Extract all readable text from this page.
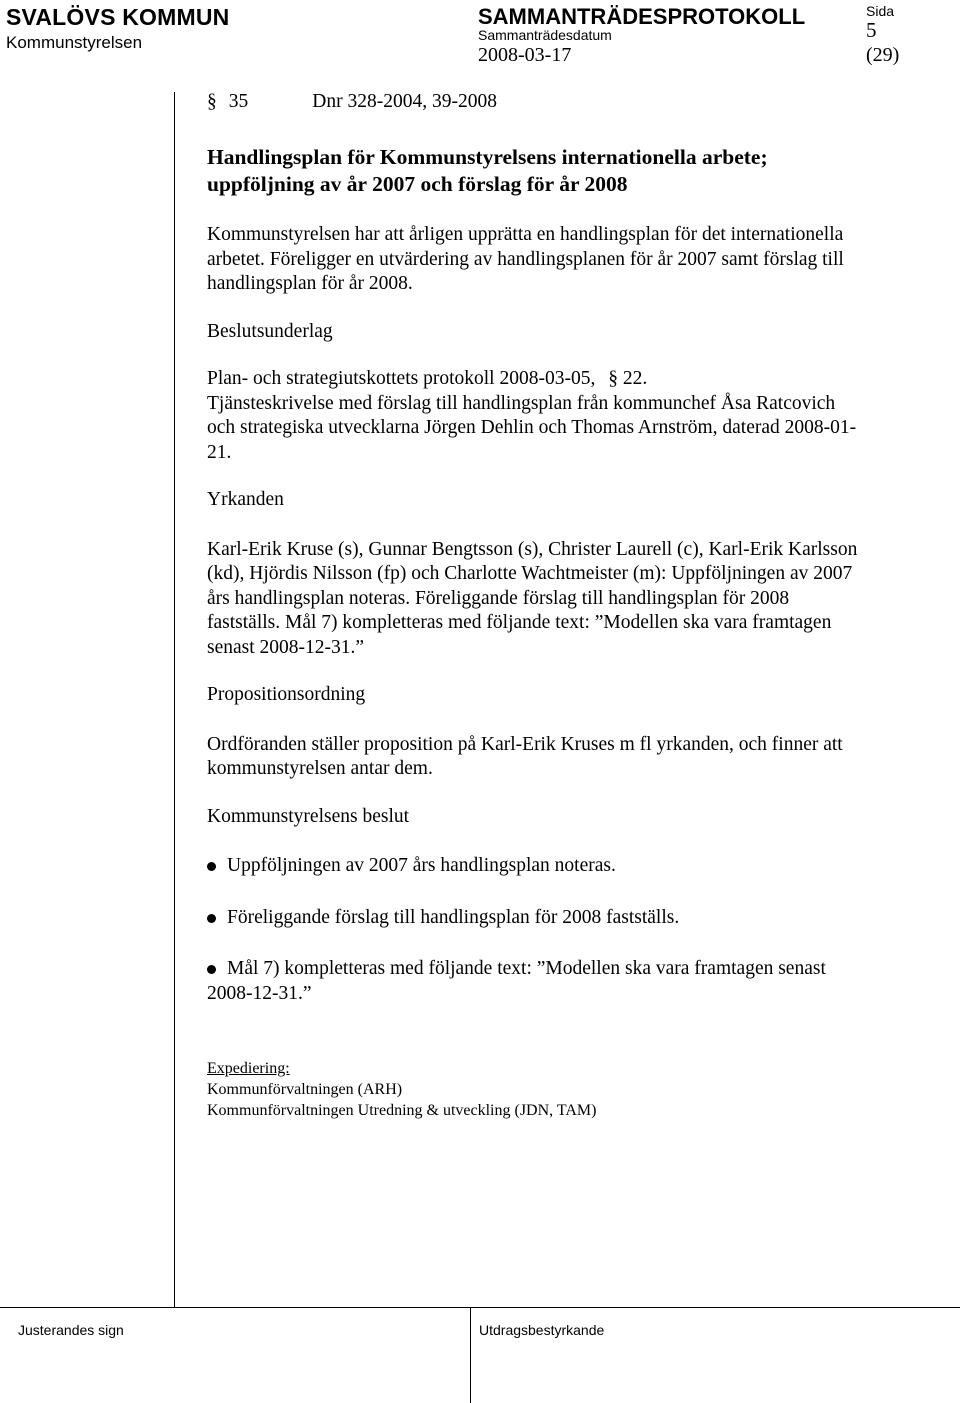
SVALÖVS KOMMUN
Kommunstyrelsen
SAMMANTRÄDESPROTOKOLL
Sammanträdesdatum
2008-03-17
Sida
5
(29)
§ 35	Dnr 328-2004, 39-2008
Handlingsplan för Kommunstyrelsens internationella arbete;
uppföljning av år 2007 och förslag för år 2008
Kommunstyrelsen har att årligen upprätta en handlingsplan för det internationella
arbetet. Föreligger en utvärdering av handlingsplanen för år 2007 samt förslag till
handlingsplan för år 2008.
Beslutsunderlag
Plan- och strategiutskottets protokoll 2008-03-05, § 22.
Tjänsteskrivelse med förslag till handlingsplan från kommunchef Åsa Ratcovich
och strategiska utvecklarna Jörgen Dehlin och Thomas Arnström, daterad 2008-01-
21.
Yrkanden
Karl-Erik Kruse (s), Gunnar Bengtsson (s), Christer Laurell (c), Karl-Erik Karlsson
(kd), Hjördis Nilsson (fp) och Charlotte Wachtmeister (m): Uppföljningen av 2007
års handlingsplan noteras. Föreliggande förslag till handlingsplan för 2008
fastställs. Mål 7) kompletteras med följande text: ”Modellen ska vara framtagen
senast 2008-12-31.”
Propositionsordning
Ordföranden ställer proposition på Karl-Erik Kruses m fl yrkanden, och finner att
kommunstyrelsen antar dem.
Kommunstyrelsens beslut
Uppföljningen av 2007 års handlingsplan noteras.
Föreliggande förslag till handlingsplan för 2008 fastställs.
Mål 7) kompletteras med följande text: ”Modellen ska vara framtagen senast
2008-12-31.”
Expediering:
Kommunförvaltningen (ARH)
Kommunförvaltningen Utredning & utveckling (JDN, TAM)
Justerandes sign	Utdragsbestyrkande
